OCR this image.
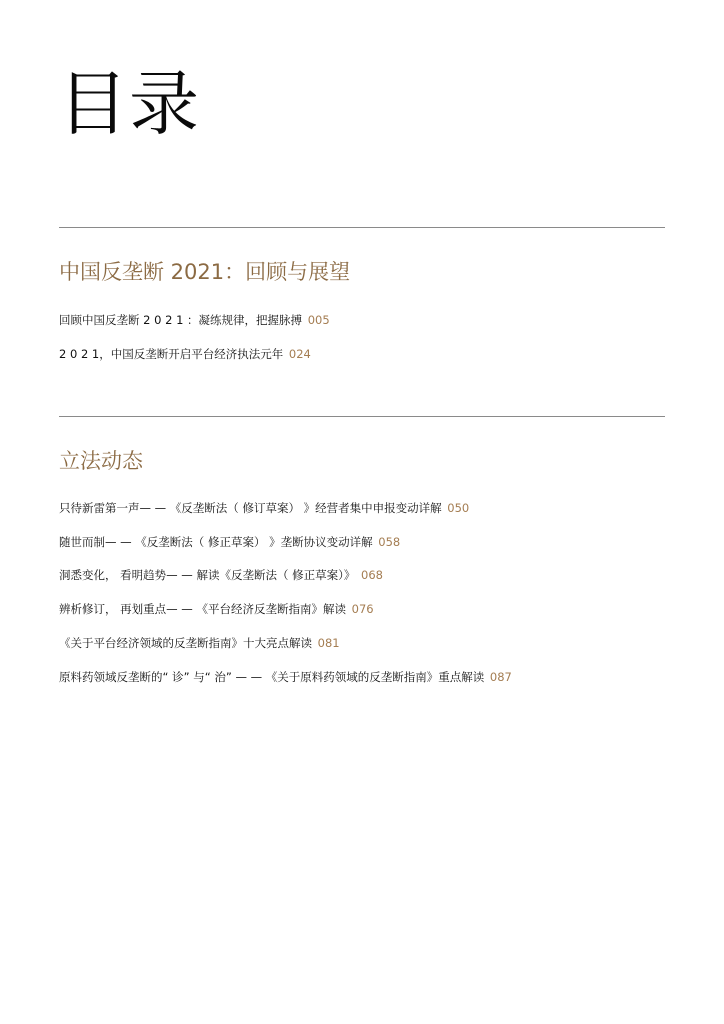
目录
中国反垄断 2021：回顾与展望
回顾中国反垄断 2 0 2 1 ：凝练规律，把握脉搏 005
2 0 2 1，中国反垄断开启平台经济执法元年 024
立法动态
只待新雷第一声— — 《反垄断法（ 修订草案） 》经营者集中申报变动详解 050
随世而制— — 《反垄断法（ 修正草案） 》垄断协议变动详解 058
洞悉变化， 看明趋势— — 解读《反垄断法（ 修正草案）》 068
辨析修订， 再划重点— — 《平台经济反垄断指南》解读 076
《关于平台经济领域的反垄断指南》十大亮点解读 081
原料药领域反垄断的“ 诊” 与“ 治” — — 《关于原料药领域的反垄断指南》重点解读 087
